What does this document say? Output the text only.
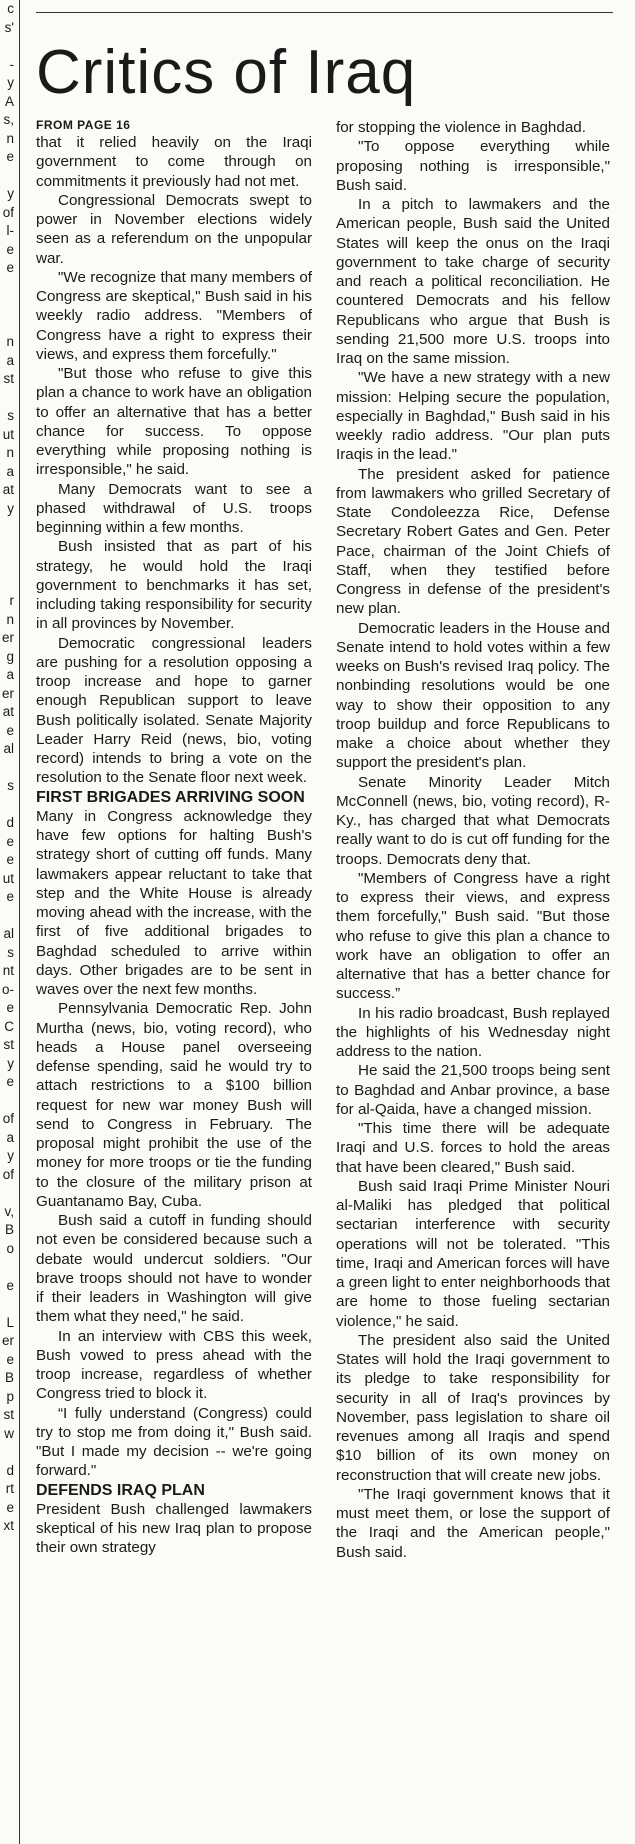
c
s'
-
y
A
s,
n
e
y
of
l-
e
e
n
a
st
s
ut
n
a
at
y
r
n
er
g
a
er
at
e
al
s
d
e
e
ut
e
al
s
nt
o-
e
C
st
y
e
of
a
y
of
v,
B
o
e
L
er
e
B
p
st
w
d
rt
e
xt
Critics of Iraq
FROM PAGE 16

that it relied heavily on the Iraqi government to come through on commitments it previously had not met.

Congressional Democrats swept to power in November elections widely seen as a referendum on the unpopular war.

"We recognize that many members of Congress are skeptical," Bush said in his weekly radio address. "Members of Congress have a right to express their views, and express them forcefully."

"But those who refuse to give this plan a chance to work have an obligation to offer an alternative that has a better chance for success. To oppose everything while proposing nothing is irresponsible," he said.

Many Democrats want to see a phased withdrawal of U.S. troops beginning within a few months.

Bush insisted that as part of his strategy, he would hold the Iraqi government to benchmarks it has set, including taking responsibility for security in all provinces by November.

Democratic congressional leaders are pushing for a resolution opposing a troop increase and hope to garner enough Republican support to leave Bush politically isolated. Senate Majority Leader Harry Reid (news, bio, voting record) intends to bring a vote on the resolution to the Senate floor next week.

FIRST BRIGADES ARRIVING SOON

Many in Congress acknowledge they have few options for halting Bush's strategy short of cutting off funds. Many lawmakers appear reluctant to take that step and the White House is already moving ahead with the increase, with the first of five additional brigades to Baghdad scheduled to arrive within days. Other brigades are to be sent in waves over the next few months.

Pennsylvania Democratic Rep. John Murtha (news, bio, voting record), who heads a House panel overseeing defense spending, said he would try to attach restrictions to a $100 billion request for new war money Bush will send to Congress in February. The proposal might prohibit the use of the money for more troops or tie the funding to the closure of the military prison at Guantanamo Bay, Cuba.

Bush said a cutoff in funding should not even be considered because such a debate would undercut soldiers. "Our brave troops should not have to wonder if their leaders in Washington will give them what they need," he said.

In an interview with CBS this week, Bush vowed to press ahead with the troop increase, regardless of whether Congress tried to block it.

“I fully understand (Congress) could try to stop me from doing it," Bush said. "But I made my decision -- we're going forward."

DEFENDS IRAQ PLAN

President Bush challenged lawmakers skeptical of his new Iraq plan to propose their own strategy

for stopping the violence in Baghdad.

"To oppose everything while proposing nothing is irresponsible," Bush said.

In a pitch to lawmakers and the American people, Bush said the United States will keep the onus on the Iraqi government to take charge of security and reach a political reconciliation. He countered Democrats and his fellow Republicans who argue that Bush is sending 21,500 more U.S. troops into Iraq on the same mission.

"We have a new strategy with a new mission: Helping secure the population, especially in Baghdad," Bush said in his weekly radio address. "Our plan puts Iraqis in the lead."

The president asked for patience from lawmakers who grilled Secretary of State Condoleezza Rice, Defense Secretary Robert Gates and Gen. Peter Pace, chairman of the Joint Chiefs of Staff, when they testified before Congress in defense of the president's new plan.

Democratic leaders in the House and Senate intend to hold votes within a few weeks on Bush's revised Iraq policy. The nonbinding resolutions would be one way to show their opposition to any troop buildup and force Republicans to make a choice about whether they support the president's plan.

Senate Minority Leader Mitch McConnell (news, bio, voting record), R-Ky., has charged that what Democrats really want to do is cut off funding for the troops. Democrats deny that.

"Members of Congress have a right to express their views, and express them forcefully," Bush said. "But those who refuse to give this plan a chance to work have an obligation to offer an alternative that has a better chance for success.”

In his radio broadcast, Bush replayed the highlights of his Wednesday night address to the nation.

He said the 21,500 troops being sent to Baghdad and Anbar province, a base for al-Qaida, have a changed mission.

"This time there will be adequate Iraqi and U.S. forces to hold the areas that have been cleared," Bush said.

Bush said Iraqi Prime Minister Nouri al-Maliki has pledged that political sectarian interference with security operations will not be tolerated. "This time, Iraqi and American forces will have a green light to enter neighborhoods that are home to those fueling sectarian violence," he said.

The president also said the United States will hold the Iraqi government to its pledge to take responsibility for security in all of Iraq's provinces by November, pass legislation to share oil revenues among all Iraqis and spend $10 billion of its own money on reconstruction that will create new jobs.

"The Iraqi government knows that it must meet them, or lose the support of the Iraqi and the American people," Bush said.
